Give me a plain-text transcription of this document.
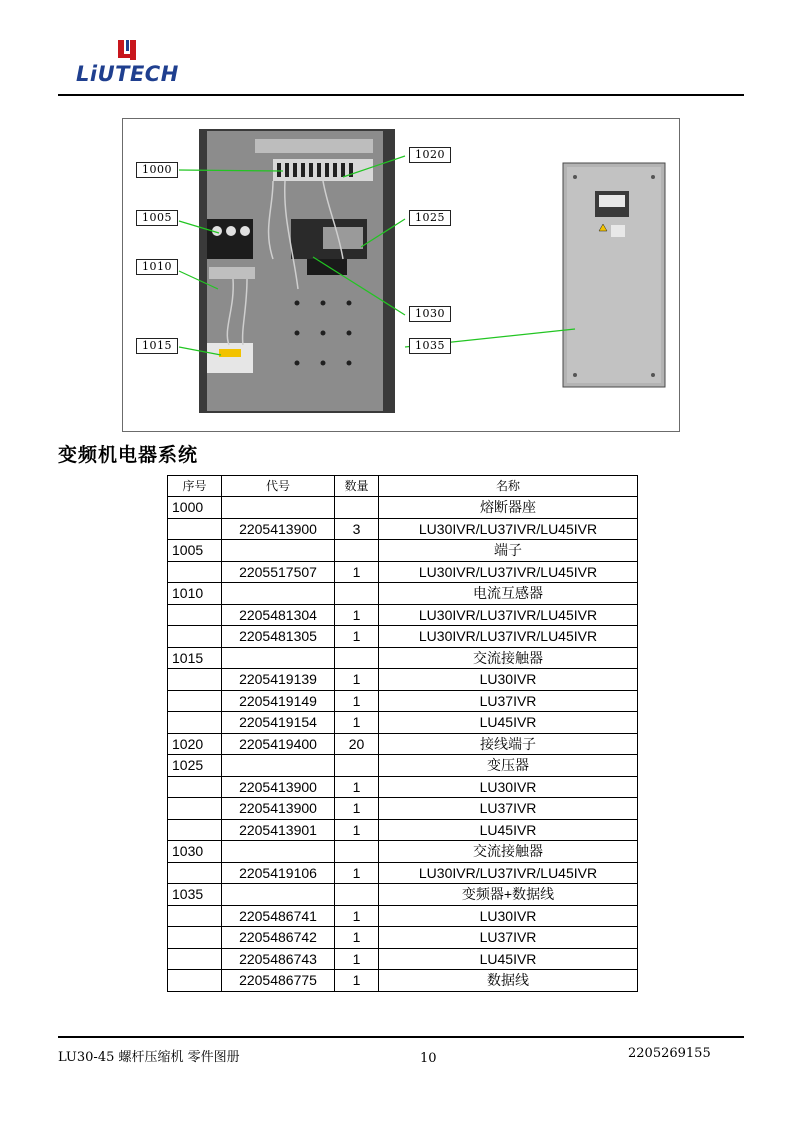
LiUTECH
1000
1005
1010
1015
1020
1025
1030
1035
变频机电器系统
序号	代号	数量	名称
1000			熔断器座
	2205413900	3	LU30IVR/LU37IVR/LU45IVR
1005			端子
	2205517507	1	LU30IVR/LU37IVR/LU45IVR
1010			电流互感器
	2205481304	1	LU30IVR/LU37IVR/LU45IVR
	2205481305	1	LU30IVR/LU37IVR/LU45IVR
1015			交流接触器
	2205419139	1	LU30IVR
	2205419149	1	LU37IVR
	2205419154	1	LU45IVR
1020	2205419400	20	接线端子
1025			变压器
	2205413900	1	LU30IVR
	2205413900	1	LU37IVR
	2205413901	1	LU45IVR
1030			交流接触器
	2205419106	1	LU30IVR/LU37IVR/LU45IVR
1035			变频器+数据线
	2205486741	1	LU30IVR
	2205486742	1	LU37IVR
	2205486743	1	LU45IVR
	2205486775	1	数据线
LU30-45 螺杆压缩机 零件图册	10	2205269155
